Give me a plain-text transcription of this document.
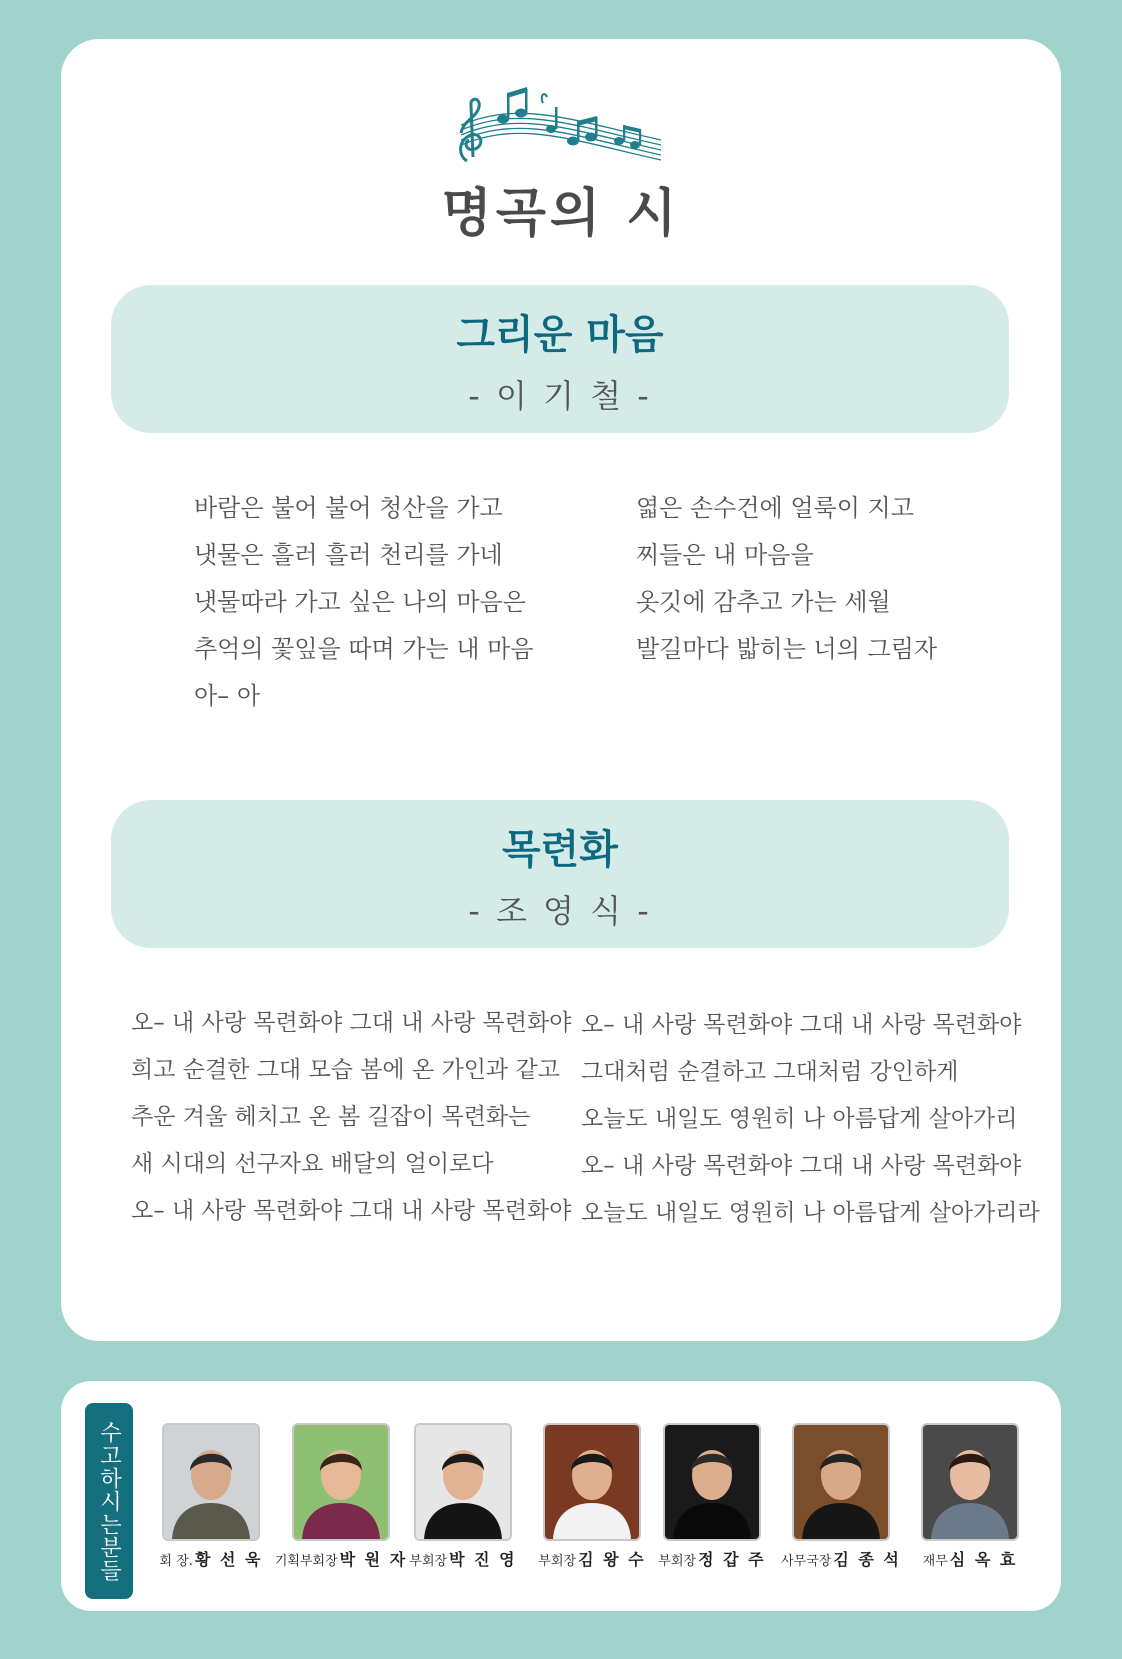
명곡의 시
그리운 마음
- 이 기 철 -
바람은 불어 불어 청산을 가고
냇물은 흘러 흘러 천리를 가네
냇물따라 가고 싶은 나의 마음은
추억의 꽃잎을 따며 가는 내 마음
아– 아
엷은 손수건에 얼룩이 지고
찌들은 내 마음을
옷깃에 감추고 가는 세월
발길마다 밟히는 너의 그림자
목련화
- 조 영 식 -
오– 내 사랑 목련화야 그대 내 사랑 목련화야
희고 순결한 그대 모습 봄에 온 가인과 같고
추운 겨울 헤치고 온 봄 길잡이 목련화는
새 시대의 선구자요 배달의 얼이로다
오– 내 사랑 목련화야 그대 내 사랑 목련화야
오– 내 사랑 목련화야 그대 내 사랑 목련화야
그대처럼 순결하고 그대처럼 강인하게
오늘도 내일도 영원히 나 아름답게 살아가리
오– 내 사랑 목련화야 그대 내 사랑 목련화야
오늘도 내일도 영원히 나 아름답게 살아가리라
수고하시는분들	회 장. 황 선 욱 기획부회장 박 원 자 부회장 박 진 영	부회장 김 왕 수 부회장 정 갑 주	사무국장 김 종 석	재무 심 옥 효
